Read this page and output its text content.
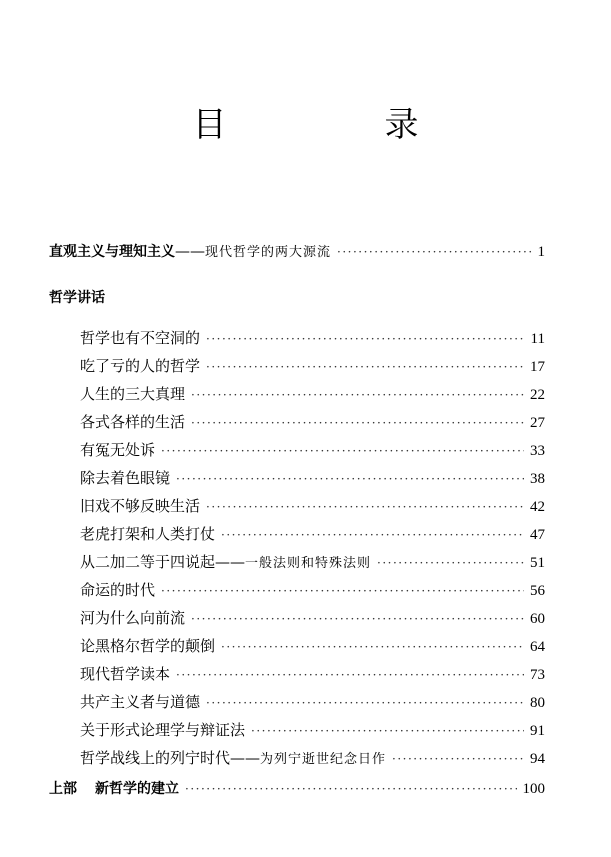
目　录
直观主义与理知主义 —— 现代哲学的两大源流 ·····	1
哲学讲话
哲学也有不空洞的 ·····	11
吃了亏的人的哲学 ·····	17
人生的三大真理 ·····	22
各式各样的生活 ·····	27
有冤无处诉 ·····	33
除去着色眼镜 ·····	38
旧戏不够反映生活 ·····	42
老虎打架和人类打仗 ·····	47
从二加二等于四说起 —— 一般法则和特殊法则 ·····	51
命运的时代 ·····	56
河为什么向前流 ·····	60
论黑格尔哲学的颠倒 ·····	64
现代哲学读本 ·····	73
共产主义者与道德 ·····	80
关于形式论理学与辩证法 ·····	91
哲学战线上的列宁时代 —— 为列宁逝世纪念日作 ·····	94
上部 新哲学的建立 ·····	100
